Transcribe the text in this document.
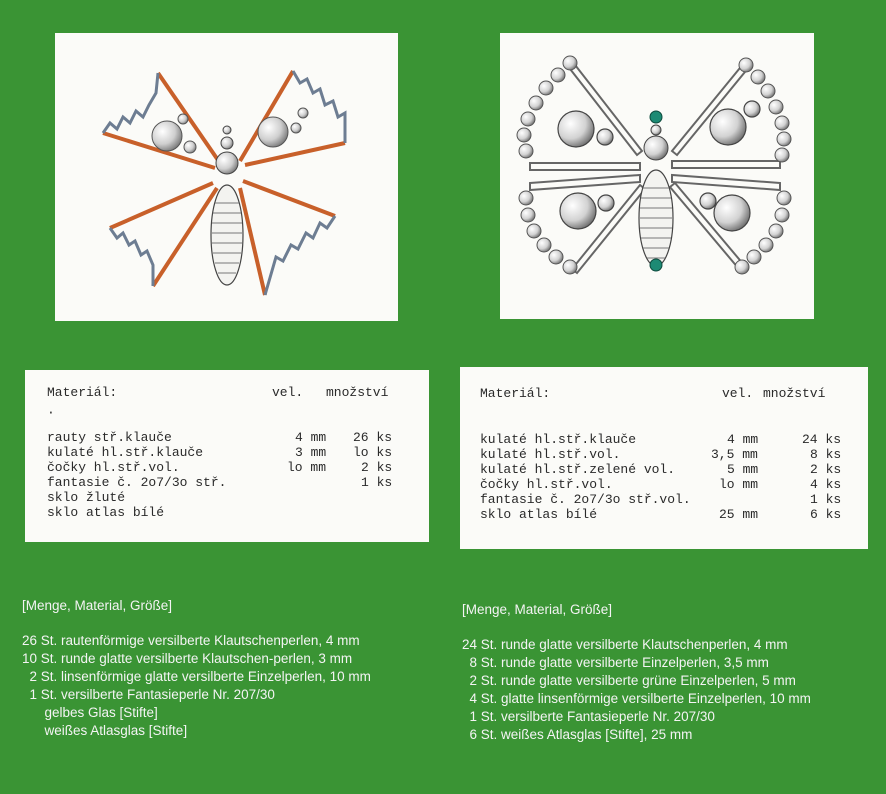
Materiál:	vel. množství
·
rauty stř.klauče	4 mm 26 ks
kulaté hl.stř.klauče	3 mm lo ks
čočky hl.stř.vol.	lo mm	2 ks
fantasie č. 2o7/3o stř.	1 ks
sklo žluté
sklo atlas bílé
Materiál:	vel. množství
kulaté hl.stř.klauče	4 mm	24 ks
kulaté hl.stř.vol.	3,5 mm	8 ks
kulaté hl.stř.zelené vol.	5 mm	2 ks
čočky hl.stř.vol.	lo mm	4 ks
fantasie č. 2o7/3o stř.vol.	1 ks
sklo atlas bílé	25 mm	6 ks
[Menge, Material, Größe]
26 St. rautenförmige versilberte Klautschenperlen, 4 mm
10 St. runde glatte versilberte Klautschen-perlen, 3 mm
2 St. linsenförmige glatte versilberte Einzelperlen, 10 mm
1 St. versilberte Fantasieperle Nr. 207/30
gelbes Glas [Stifte]
weißes Atlasglas [Stifte]
[Menge, Material, Größe]
24 St. runde glatte versilberte Klautschenperlen, 4 mm
8 St. runde glatte versilberte Einzelperlen, 3,5 mm
2 St. runde glatte versilberte grüne Einzelperlen, 5 mm
4 St. glatte linsenförmige versilberte Einzelperlen, 10 mm
1 St. versilberte Fantasieperle Nr. 207/30
6 St. weißes Atlasglas [Stifte], 25 mm
